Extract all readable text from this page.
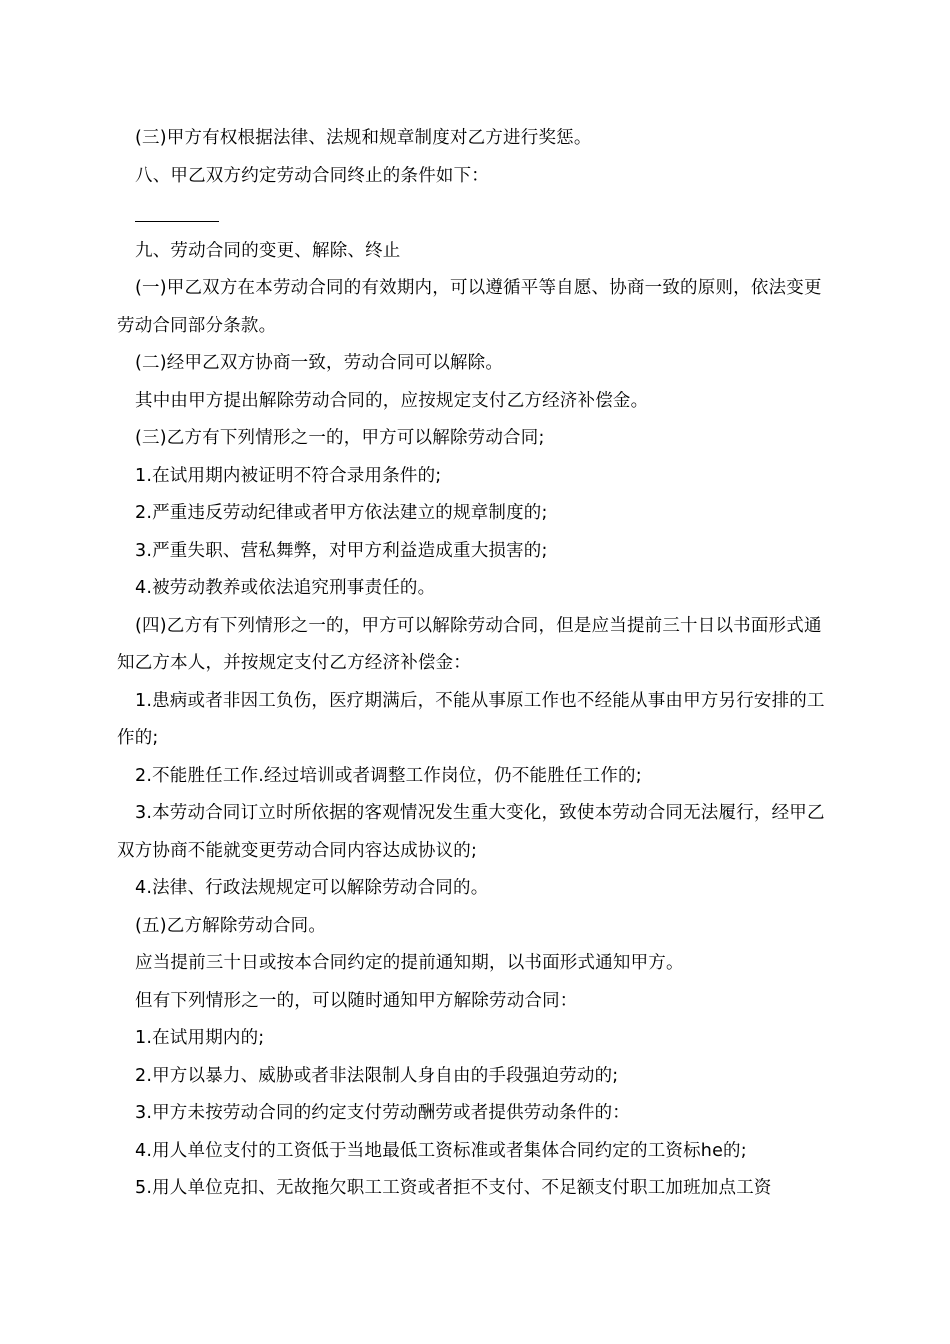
(三)甲方有权根据法律、法规和规章制度对乙方进行奖惩。

八、甲乙双方约定劳动合同终止的条件如下：

九、劳动合同的变更、解除、终止

(一)甲乙双方在本劳动合同的有效期内，可以遵循平等自愿、协商一致的原则，依法变更劳动合同部分条款。

(二)经甲乙双方协商一致，劳动合同可以解除。

其中由甲方提出解除劳动合同的，应按规定支付乙方经济补偿金。

(三)乙方有下列情形之一的，甲方可以解除劳动合同;

1.在试用期内被证明不符合录用条件的;

2.严重违反劳动纪律或者甲方依法建立的规章制度的;

3.严重失职、营私舞弊，对甲方利益造成重大损害的;

4.被劳动教养或依法追究刑事责任的。

(四)乙方有下列情形之一的，甲方可以解除劳动合同，但是应当提前三十日以书面形式通知乙方本人，并按规定支付乙方经济补偿金：

1.患病或者非因工负伤，医疗期满后，不能从事原工作也不经能从事由甲方另行安排的工作的;

2.不能胜任工作.经过培训或者调整工作岗位，仍不能胜任工作的;

3.本劳动合同订立时所依据的客观情况发生重大变化，致使本劳动合同无法履行，经甲乙双方协商不能就变更劳动合同内容达成协议的;

4.法律、行政法规规定可以解除劳动合同的。

(五)乙方解除劳动合同。

应当提前三十日或按本合同约定的提前通知期，以书面形式通知甲方。

但有下列情形之一的，可以随时通知甲方解除劳动合同：

1.在试用期内的;

2.甲方以暴力、威胁或者非法限制人身自由的手段强迫劳动的;

3.甲方未按劳动合同的约定支付劳动酬劳或者提供劳动条件的：

4.用人单位支付的工资低于当地最低工资标准或者集体合同约定的工资标he的;

5.用人单位克扣、无故拖欠职工工资或者拒不支付、不足额支付职工加班加点工资
